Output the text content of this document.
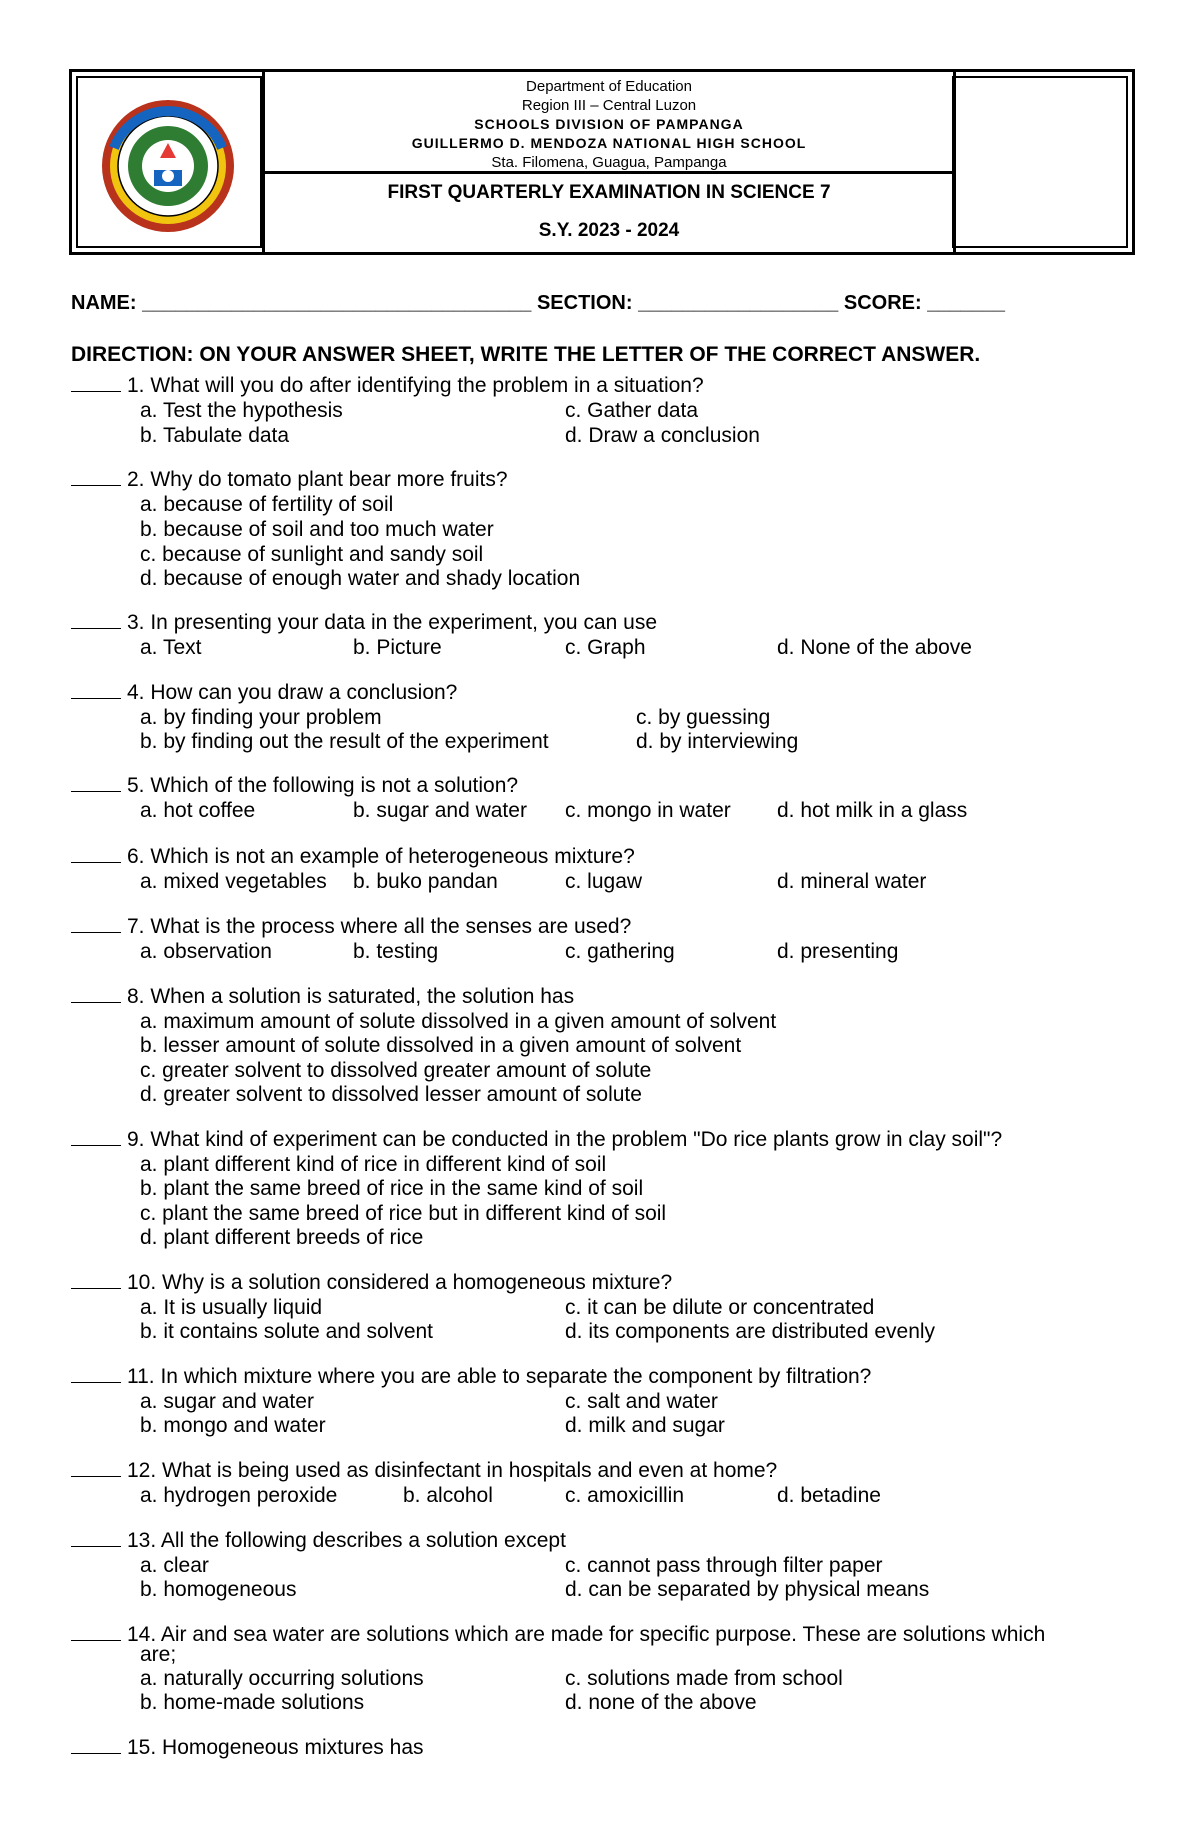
Department of Education
Region III – Central Luzon
SCHOOLS DIVISION OF PAMPANGA
GUILLERMO D. MENDOZA NATIONAL HIGH SCHOOL
Sta. Filomena, Guagua, Pampanga
FIRST QUARTERLY EXAMINATION IN SCIENCE 7
S.Y. 2023 - 2024
NAME: ___________________________________ SECTION: __________________ SCORE: _______
DIRECTION: ON YOUR ANSWER SHEET, WRITE THE LETTER OF THE CORRECT ANSWER.
1. What will you do after identifying the problem in a situation?
a. Test the hypothesis	c. Gather data
b. Tabulate data	d. Draw a conclusion
2. Why do tomato plant bear more fruits?
a. because of fertility of soil
b. because of soil and too much water
c. because of sunlight and sandy soil
d. because of enough water and shady location
3. In presenting your data in the experiment, you can use
a. Text	b. Picture	c. Graph	d. None of the above
4. How can you draw a conclusion?
a. by finding your problem	c. by guessing
b. by finding out the result of the experiment	d. by interviewing
5. Which of the following is not a solution?
a. hot coffee	b. sugar and water c. mongo in water d. hot milk in a glass
6. Which is not an example of heterogeneous mixture?
a. mixed vegetables b. buko pandan	c. lugaw	d. mineral water
7. What is the process where all the senses are used?
a. observation	b. testing	c. gathering	d. presenting
8. When a solution is saturated, the solution has
a. maximum amount of solute dissolved in a given amount of solvent
b. lesser amount of solute dissolved in a given amount of solvent
c. greater solvent to dissolved greater amount of solute
d. greater solvent to dissolved lesser amount of solute
9. What kind of experiment can be conducted in the problem "Do rice plants grow in clay soil"?
a. plant different kind of rice in different kind of soil
b. plant the same breed of rice in the same kind of soil
c. plant the same breed of rice but in different kind of soil
d. plant different breeds of rice
10. Why is a solution considered a homogeneous mixture?
a. It is usually liquid	c. it can be dilute or concentrated
b. it contains solute and solvent	d. its components are distributed evenly
11. In which mixture where you are able to separate the component by filtration?
a. sugar and water	c. salt and water
b. mongo and water	d. milk and sugar
12. What is being used as disinfectant in hospitals and even at home?
a. hydrogen peroxide	b. alcohol	c. amoxicillin	d. betadine
13. All the following describes a solution except
a. clear	c. cannot pass through filter paper
b. homogeneous	d. can be separated by physical means
14. Air and sea water are solutions which are made for specific purpose. These are solutions which
are;
a. naturally occurring solutions	c. solutions made from school
b. home-made solutions	d. none of the above
15. Homogeneous mixtures has
